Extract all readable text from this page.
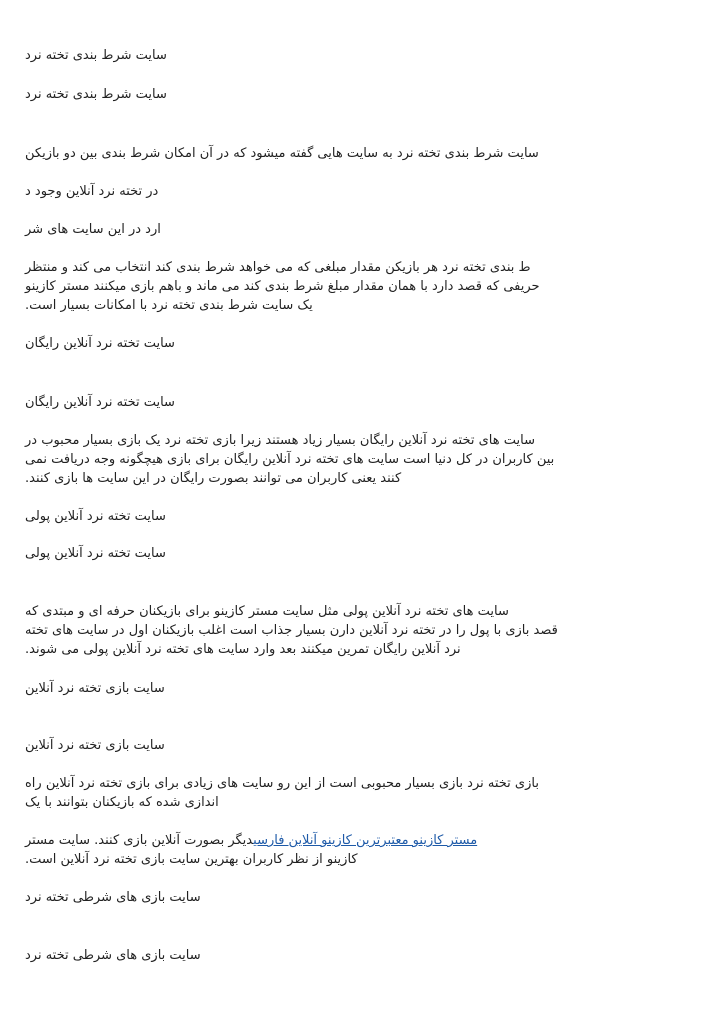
سایت شرط بندی تخته نرد

سایت شرط بندی تخته نرد

سایت شرط بندی تخته نرد به سایت هایی گفته میشود که در آن امکان شرط بندی بین دو بازیکن

در تخته نرد آنلاین وجود د

ارد در این سایت های شر

ط بندی تخته نرد هر بازیکن مقدار مبلغی که می خواهد شرط بندی کند انتخاب می کند و منتظر
حریفی که قصد دارد با همان مقدار مبلغ شرط بندی کند می ماند و باهم بازی میکنند مستر کازینو
یک سایت شرط بندی تخته نرد با امکانات بسیار است.

سایت تخته نرد آنلاین رایگان

سایت تخته نرد آنلاین رایگان

سایت های تخته نرد آنلاین رایگان بسیار زیاد هستند زیرا بازی تخته نرد یک بازی بسیار محبوب در
بین کاربران در کل دنیا است سایت های تخته نرد آنلاین رایگان برای بازی هیچگونه وجه دریافت نمی
کنند یعنی کاربران می توانند بصورت رایگان در این سایت ها بازی کنند.

سایت تخته نرد آنلاین پولی

سایت تخته نرد آنلاین پولی

سایت های تخته نرد آنلاین پولی مثل سایت مستر کازینو برای بازیکنان حرفه ای و مبتدی که
قصد بازی با پول را در تخته نرد آنلاین دارن بسیار جذاب است اغلب بازیکنان اول در سایت های تخته
نرد آنلاین رایگان تمرین میکنند بعد وارد سایت های تخته نرد آنلاین پولی می شوند.

سایت بازی تخته نرد آنلاین

سایت بازی تخته نرد آنلاین

بازی تخته نرد بازی بسیار محبوبی است از این رو سایت های زیادی برای بازی تخته نرد آنلاین راه
اندازی شده که بازیکنان بتوانند با یک
مستر کازینو معتبرترین کازینو آنلاین فارسیدیگر بصورت آنلاین بازی کنند. سایت مستر
کازینو از نظر کاربران بهترین سایت بازی تخته نرد آنلاین است.

سایت بازی های شرطی تخته نرد

سایت بازی های شرطی تخته نرد
